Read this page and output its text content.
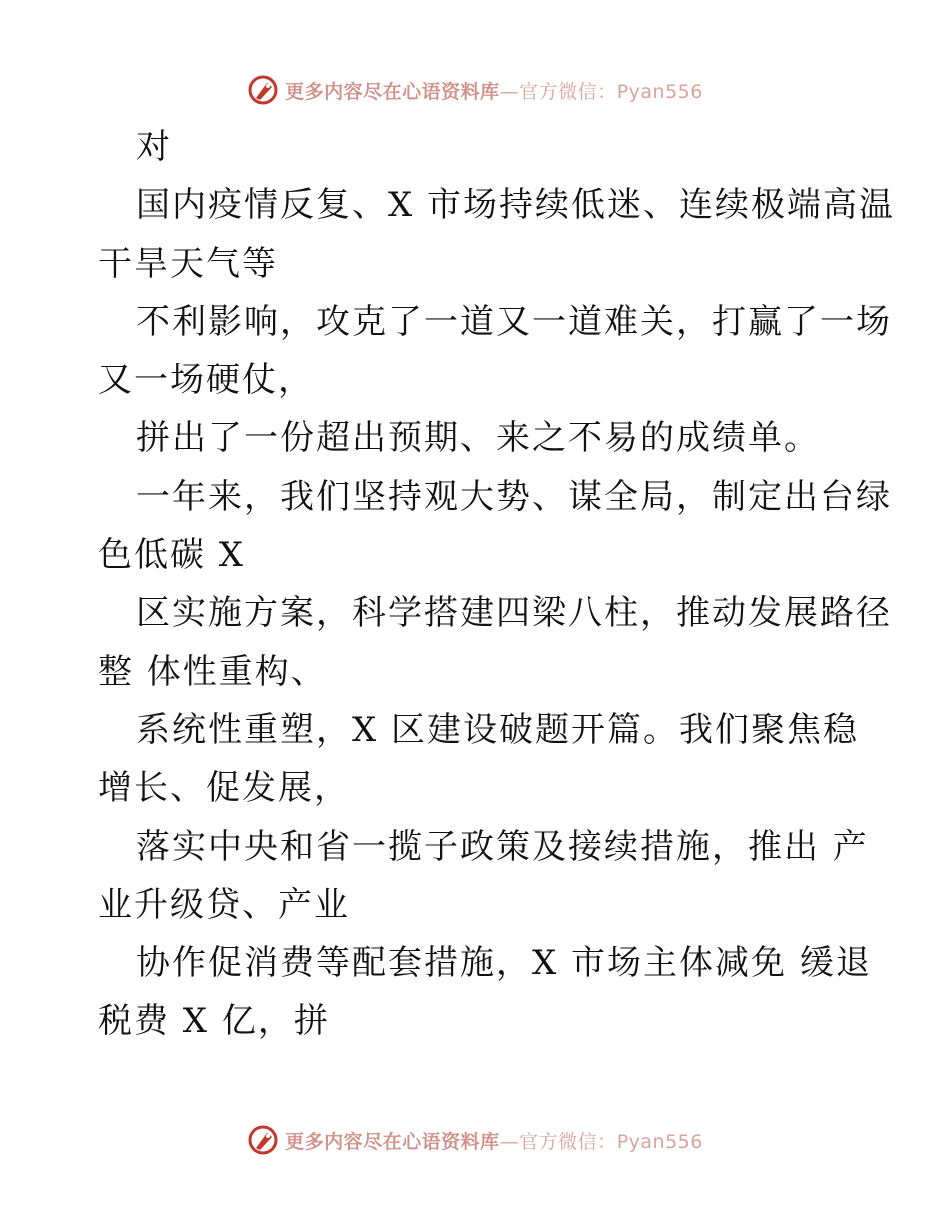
更多内容尽在心语资料库—官方微信：Pyan556
对
国内疫情反复、X 市场持续低迷、连续极端高温
干旱天气等
不利影响，攻克了一道又一道难关，打赢了一场
又一场硬仗，
拼出了一份超出预期、来之不易的成绩单。
一年来，我们坚持观大势、谋全局，制定出台绿
色低碳 X
区实施方案，科学搭建四梁八柱，推动发展路径
整 体性重构、
系统性重塑，X 区建设破题开篇。我们聚焦稳
增长、促发展，
落实中央和省一揽子政策及接续措施，推出 产
业升级贷、产业
协作促消费等配套措施，X 市场主体减免 缓退
税费 X 亿，拼
更多内容尽在心语资料库—官方微信：Pyan556
